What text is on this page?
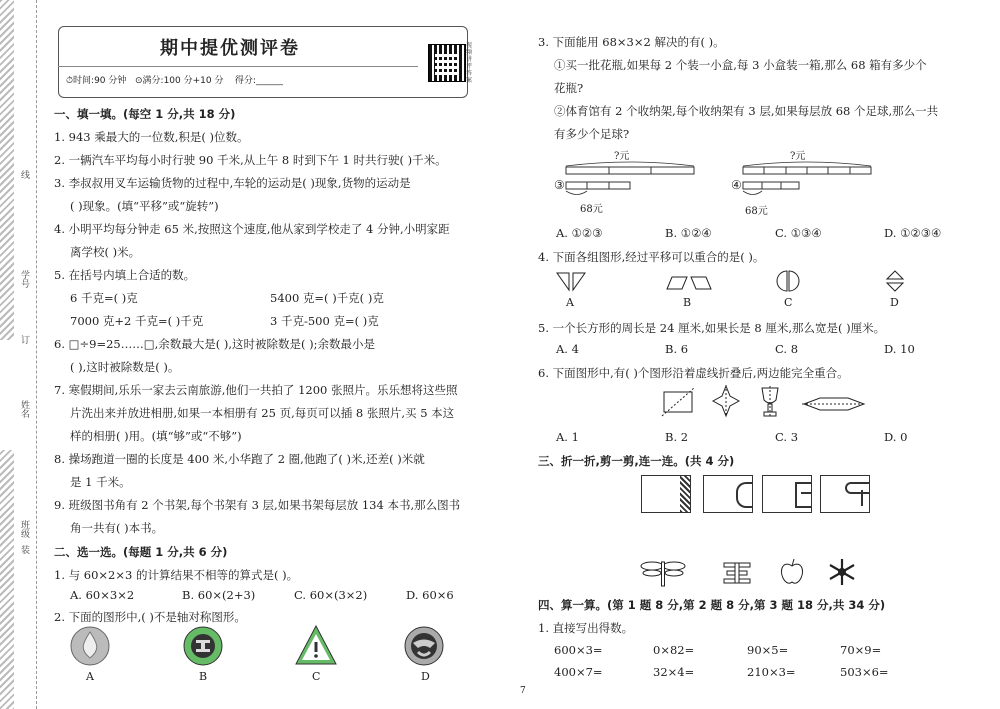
线
学号
订
姓名
班级
装
期中提优测评卷
⏱时间:90 分钟 ⊙满分:100 分+10 分 得分:______
视频讲评答案
一、填一填。(每空 1 分,共 18 分)
1. 943 乘最大的一位数,积是( )位数。
2. 一辆汽车平均每小时行驶 90 千米,从上午 8 时到下午 1 时共行驶( )千米。
3. 李叔叔用叉车运输货物的过程中,车轮的运动是( )现象,货物的运动是
( )现象。(填“平移”或“旋转”)
4. 小明平均每分钟走 65 米,按照这个速度,他从家到学校走了 4 分钟,小明家距
离学校( )米。
5. 在括号内填上合适的数。
6 千克=( )克	5400 克=( )千克( )克
7000 克+2 千克=( )千克	3 千克-500 克=( )克
6. □÷9=25……□,余数最大是( ),这时被除数是( );余数最小是
( ),这时被除数是( )。
7. 寒假期间,乐乐一家去云南旅游,他们一共拍了 1200 张照片。乐乐想将这些照
片洗出来并放进相册,如果一本相册有 25 页,每页可以插 8 张照片,买 5 本这
样的相册( )用。(填“够”或“不够”)
8. 操场跑道一圈的长度是 400 米,小华跑了 2 圈,他跑了( )米,还差( )米就
是 1 千米。
9. 班级图书角有 2 个书架,每个书架有 3 层,如果书架每层放 134 本书,那么图书
角一共有( )本书。
二、选一选。(每题 1 分,共 6 分)
1. 与 60×2×3 的计算结果不相等的算式是( )。
A. 60×3×2	B. 60×(2+3)	C. 60×(3×2)	D. 60×6
2. 下面的图形中,( )不是轴对称图形。
A	B	C	D
3. 下面能用 68×3×2 解决的有( )。
①买一批花瓶,如果每 2 个装一小盒,每 3 小盒装一箱,那么 68 箱有多少个
花瓶?
②体育馆有 2 个收纳架,每个收纳架有 3 层,如果每层放 68 个足球,那么一共
有多少个足球?
③
?元
68元
④
?元
68元
A. ①②③	B. ①②④	C. ①③④	D. ①②③④
4. 下面各组图形,经过平移可以重合的是( )。
A	B	C	D
5. 一个长方形的周长是 24 厘米,如果长是 8 厘米,那么宽是( )厘米。
A. 4	B. 6	C. 8	D. 10
6. 下面图形中,有( )个图形沿着虚线折叠后,两边能完全重合。
A. 1	B. 2	C. 3	D. 0
三、折一折,剪一剪,连一连。(共 4 分)
四、算一算。(第 1 题 8 分,第 2 题 8 分,第 3 题 18 分,共 34 分)
1. 直接写出得数。
600×3=	0×82=	90×5=	70×9=
400×7=	32×4=	210×3=	503×6=
7
